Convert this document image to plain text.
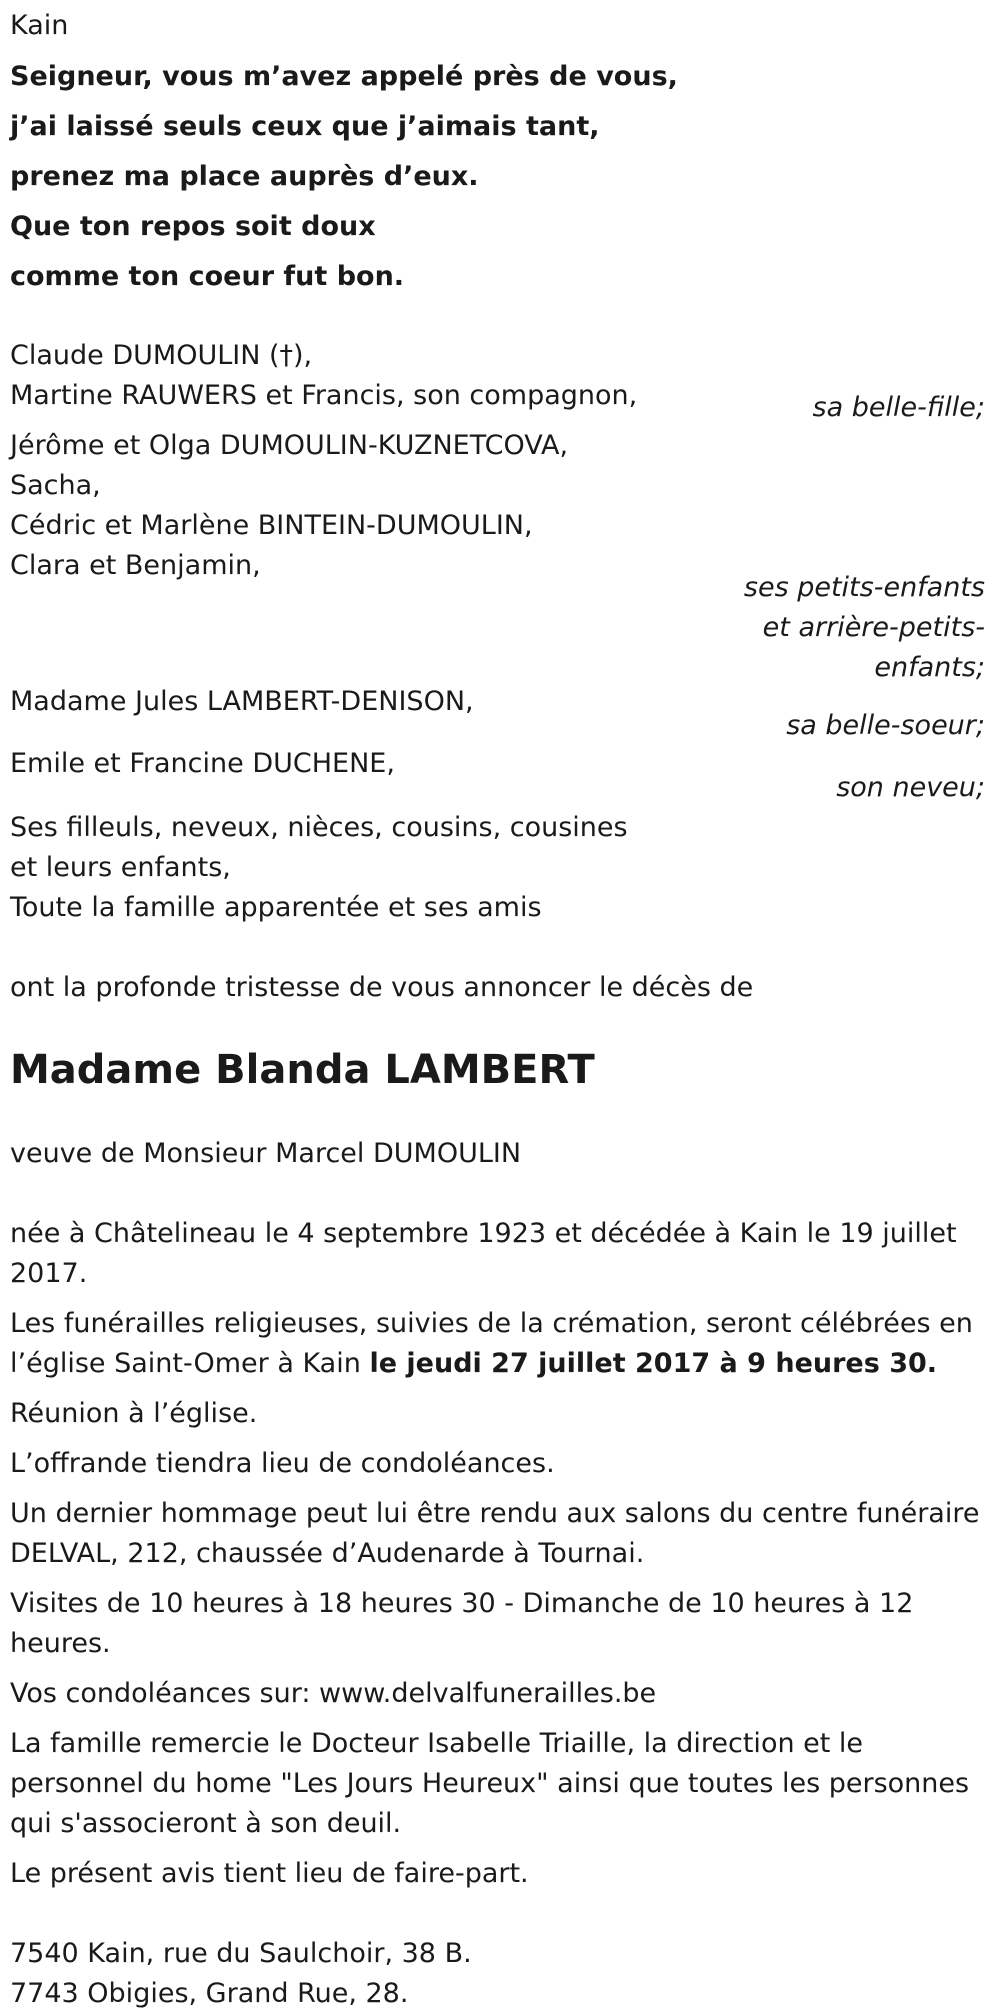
Kain
Seigneur, vous m’avez appelé près de vous,
j’ai laissé seuls ceux que j’aimais tant,
prenez ma place auprès d’eux.
Que ton repos soit doux
comme ton coeur fut bon.
Claude DUMOULIN (†),
Martine RAUWERS et Francis, son compagnon,	sa belle-fille;
Jérôme et Olga DUMOULIN-KUZNETCOVA,
Sacha,
Cédric et Marlène BINTEIN-DUMOULIN,
Clara et Benjamin,
ses petits-enfants
et arrière-petits-
enfants;
Madame Jules LAMBERT-DENISON,
sa belle-soeur;
Emile et Francine DUCHENE,
son neveu;
Ses filleuls, neveux, nièces, cousins, cousines
et leurs enfants,
Toute la famille apparentée et ses amis
ont la profonde tristesse de vous annoncer le décès de
Madame Blanda LAMBERT
veuve de Monsieur Marcel DUMOULIN

née à Châtelineau le 4 septembre 1923 et décédée à Kain le 19 juillet 2017.

Les funérailles religieuses, suivies de la crémation, seront célébrées en l’église Saint-Omer à Kain le jeudi 27 juillet 2017 à 9 heures 30.

Réunion à l’église.

L’offrande tiendra lieu de condoléances.

Un dernier hommage peut lui être rendu aux salons du centre funéraire DELVAL, 212, chaussée d’Audenarde à Tournai.

Visites de 10 heures à 18 heures 30 - Dimanche de 10 heures à 12 heures.

Vos condoléances sur: www.delvalfunerailles.be

La famille remercie le Docteur Isabelle Triaille, la direction et le personnel du home "Les Jours Heureux" ainsi que toutes les personnes qui s'associeront à son deuil.

Le présent avis tient lieu de faire-part.

7540 Kain, rue du Saulchoir, 38 B.
7743 Obigies, Grand Rue, 28.
